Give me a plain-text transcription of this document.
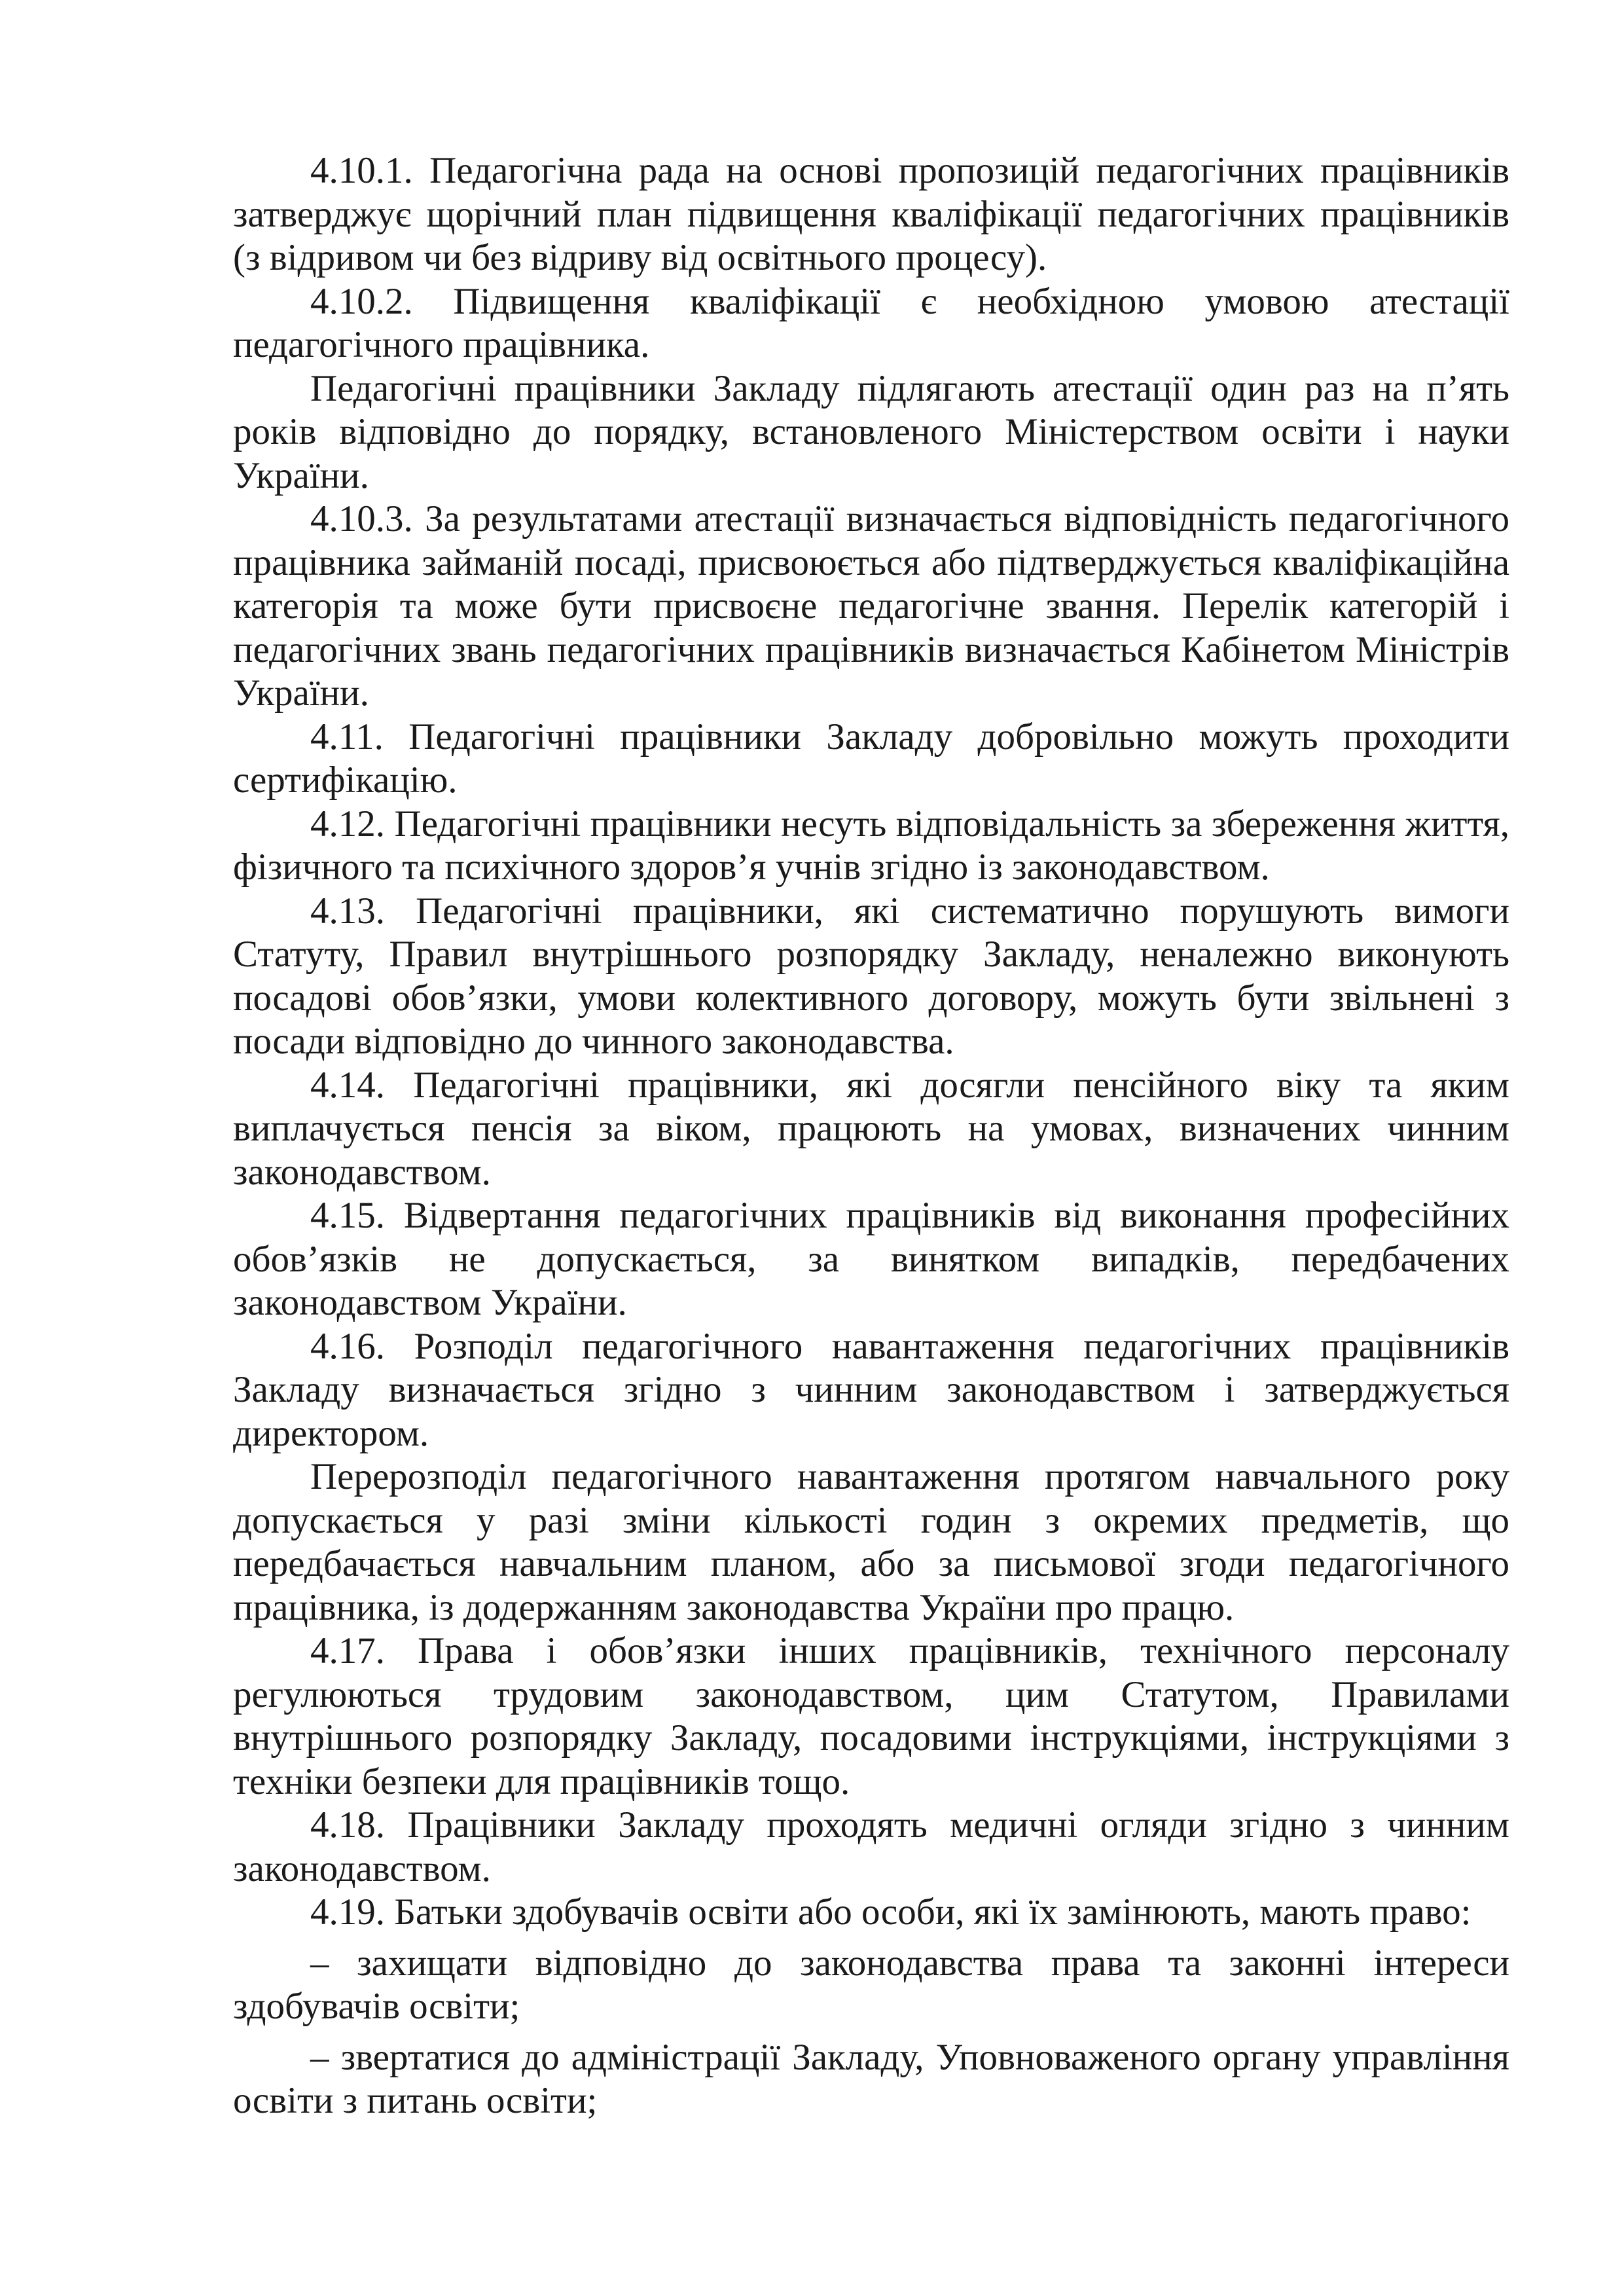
4.10.1. Педагогічна рада на основі пропозицій педагогічних працівників затверджує щорічний план підвищення кваліфікації педагогічних працівників (з відривом чи без відриву від освітнього процесу).

4.10.2. Підвищення кваліфікації є необхідною умовою атестації педагогічного працівника.

Педагогічні працівники Закладу підлягають атестації один раз на п’ять років відповідно до порядку, встановленого Міністерством освіти і науки України.

4.10.3. За результатами атестації визначається відповідність педагогічного працівника займаній посаді, присвоюється або підтверджується кваліфікаційна категорія та може бути присвоєне педагогічне звання. Перелік категорій і педагогічних звань педагогічних працівників визначається Кабінетом Міністрів України.

4.11. Педагогічні працівники Закладу добровільно можуть проходити сертифікацію.

4.12. Педагогічні працівники несуть відповідальність за збереження життя, фізичного та психічного здоров’я учнів згідно із законодавством.

4.13. Педагогічні працівники, які систематично порушують вимоги Статуту, Правил внутрішнього розпорядку Закладу, неналежно виконують посадові обов’язки, умови колективного договору, можуть бути звільнені з посади відповідно до чинного законодавства.

4.14. Педагогічні працівники, які досягли пенсійного віку та яким виплачується пенсія за віком, працюють на умовах, визначених чинним законодавством.

4.15. Відвертання педагогічних працівників від виконання професійних обов’язків не допускається, за винятком випадків, передбачених законодавством України.

4.16. Розподіл педагогічного навантаження педагогічних працівників Закладу визначається згідно з чинним законодавством і затверджується директором.

Перерозподіл педагогічного навантаження протягом навчального року допускається у разі зміни кількості годин з окремих предметів, що передбачається навчальним планом, або за письмової згоди педагогічного працівника, із додержанням законодавства України про працю.

4.17. Права і обов’язки інших працівників, технічного персоналу регулюються трудовим законодавством, цим Статутом, Правилами внутрішнього розпорядку Закладу, посадовими інструкціями, інструкціями з техніки безпеки для працівників тощо.

4.18. Працівники Закладу проходять медичні огляди згідно з чинним законодавством.

4.19. Батьки здобувачів освіти або особи, які їх замінюють, мають право:

– захищати відповідно до законодавства права та законні інтереси здобувачів освіти;

– звертатися до адміністрації Закладу, Уповноваженого органу управління освіти з питань освіти;
